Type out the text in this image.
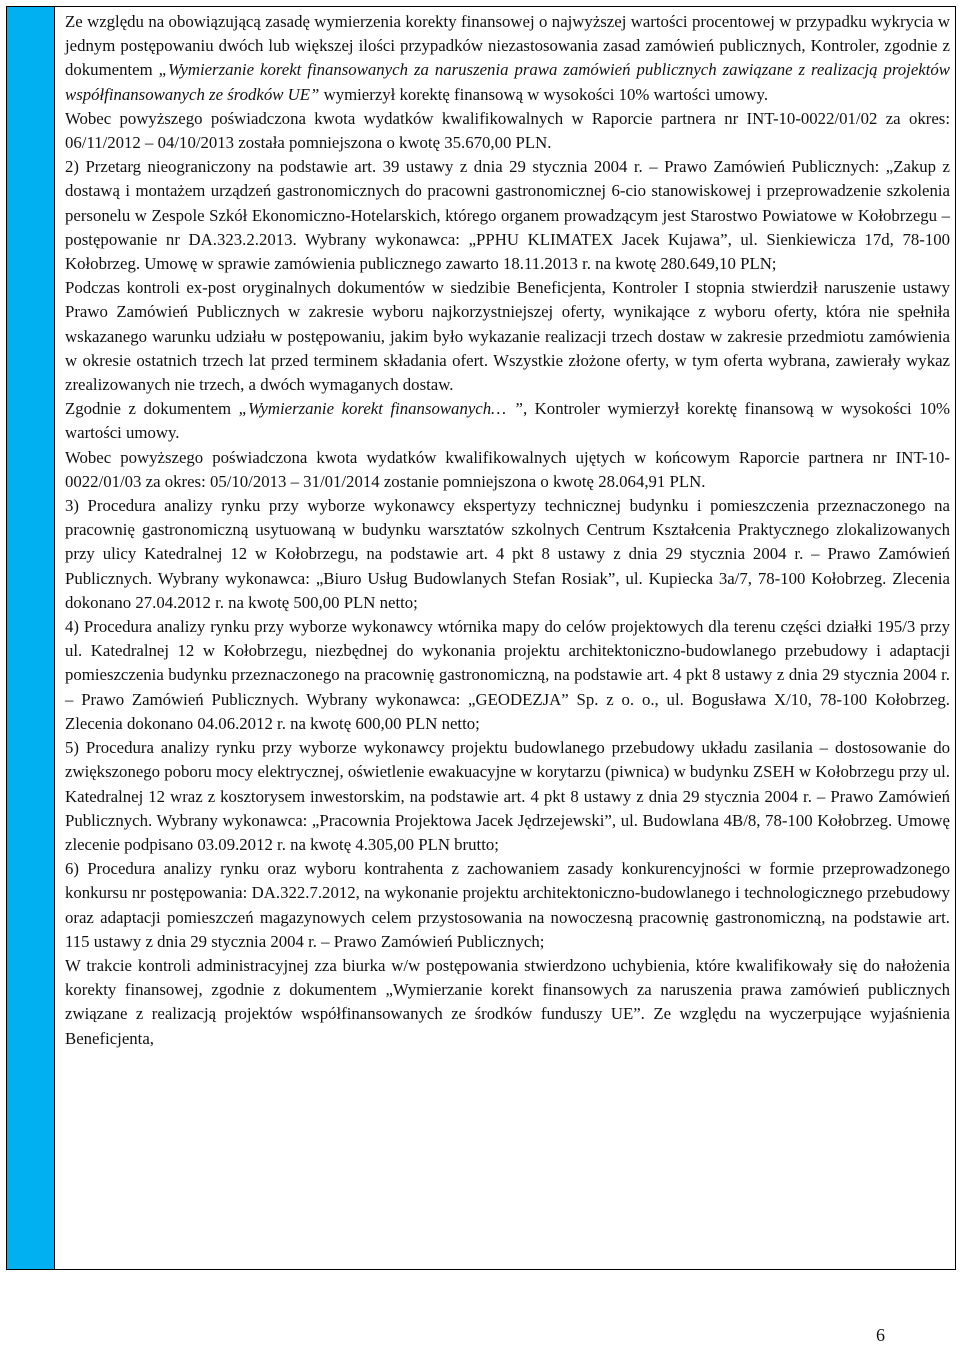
Ze względu na obowiązującą zasadę wymierzenia korekty finansowej o najwyższej wartości procentowej w przypadku wykrycia w jednym postępowaniu dwóch lub większej ilości przypadków niezastosowania zasad zamówień publicznych, Kontroler, zgodnie z dokumentem „Wymierzanie korekt finansowanych za naruszenia prawa zamówień publicznych zawiązane z realizacją projektów współfinansowanych ze środków UE” wymierzył korektę finansową w wysokości 10% wartości umowy.

Wobec powyższego poświadczona kwota wydatków kwalifikowalnych w Raporcie partnera nr INT-10-0022/01/02 za okres: 06/11/2012 – 04/10/2013 została pomniejszona o kwotę 35.670,00 PLN.

2) Przetarg nieograniczony na podstawie art. 39 ustawy z dnia 29 stycznia 2004 r. – Prawo Zamówień Publicznych: „Zakup z dostawą i montażem urządzeń gastronomicznych do pracowni gastronomicznej 6-cio stanowiskowej i przeprowadzenie szkolenia personelu w Zespole Szkół Ekonomiczno-Hotelarskich, którego organem prowadzącym jest Starostwo Powiatowe w Kołobrzegu – postępowanie nr DA.323.2.2013. Wybrany wykonawca: „PPHU KLIMATEX Jacek Kujawa”, ul. Sienkiewicza 17d, 78-100 Kołobrzeg. Umowę w sprawie zamówienia publicznego zawarto 18.11.2013 r. na kwotę 280.649,10 PLN;

Podczas kontroli ex-post oryginalnych dokumentów w siedzibie Beneficjenta, Kontroler I stopnia stwierdził naruszenie ustawy Prawo Zamówień Publicznych w zakresie wyboru najkorzystniejszej oferty, wynikające z wyboru oferty, która nie spełniła wskazanego warunku udziału w postępowaniu, jakim było wykazanie realizacji trzech dostaw w zakresie przedmiotu zamówienia w okresie ostatnich trzech lat przed terminem składania ofert. Wszystkie złożone oferty, w tym oferta wybrana, zawierały wykaz zrealizowanych nie trzech, a dwóch wymaganych dostaw.

Zgodnie z dokumentem „Wymierzanie korekt finansowanych… ”, Kontroler wymierzył korektę finansową w wysokości 10% wartości umowy.

Wobec powyższego poświadczona kwota wydatków kwalifikowalnych ujętych w końcowym Raporcie partnera nr INT-10-0022/01/03 za okres: 05/10/2013 – 31/01/2014 zostanie pomniejszona o kwotę 28.064,91 PLN.

3) Procedura analizy rynku przy wyborze wykonawcy ekspertyzy technicznej budynku i pomieszczenia przeznaczonego na pracownię gastronomiczną usytuowaną w budynku warsztatów szkolnych Centrum Kształcenia Praktycznego zlokalizowanych przy ulicy Katedralnej 12 w Kołobrzegu, na podstawie art. 4 pkt 8 ustawy z dnia 29 stycznia 2004 r. – Prawo Zamówień Publicznych. Wybrany wykonawca: „Biuro Usług Budowlanych Stefan Rosiak”, ul. Kupiecka 3a/7, 78-100 Kołobrzeg. Zlecenia dokonano 27.04.2012 r. na kwotę 500,00 PLN netto;

4) Procedura analizy rynku przy wyborze wykonawcy wtórnika mapy do celów projektowych dla terenu części działki 195/3 przy ul. Katedralnej 12 w Kołobrzegu, niezbędnej do wykonania projektu architektoniczno-budowlanego przebudowy i adaptacji pomieszczenia budynku przeznaczonego na pracownię gastronomiczną, na podstawie art. 4 pkt 8 ustawy z dnia 29 stycznia 2004 r. – Prawo Zamówień Publicznych. Wybrany wykonawca: „GEODEZJA” Sp. z o. o., ul. Bogusława X/10, 78-100 Kołobrzeg. Zlecenia dokonano 04.06.2012 r. na kwotę 600,00 PLN netto;

5) Procedura analizy rynku przy wyborze wykonawcy projektu budowlanego przebudowy układu zasilania – dostosowanie do zwiększonego poboru mocy elektrycznej, oświetlenie ewakuacyjne w korytarzu (piwnica) w budynku ZSEH w Kołobrzegu przy ul. Katedralnej 12 wraz z kosztorysem inwestorskim, na podstawie art. 4 pkt 8 ustawy z dnia 29 stycznia 2004 r. – Prawo Zamówień Publicznych. Wybrany wykonawca: „Pracownia Projektowa Jacek Jędrzejewski”, ul. Budowlana 4B/8, 78-100 Kołobrzeg. Umowę zlecenie podpisano 03.09.2012 r. na kwotę 4.305,00 PLN brutto;

6) Procedura analizy rynku oraz wyboru kontrahenta z zachowaniem zasady konkurencyjności w formie przeprowadzonego konkursu nr postępowania: DA.322.7.2012, na wykonanie projektu architektoniczno-budowlanego i technologicznego przebudowy oraz adaptacji pomieszczeń magazynowych celem przystosowania na nowoczesną pracownię gastronomiczną, na podstawie art. 115 ustawy z dnia 29 stycznia 2004 r. – Prawo Zamówień Publicznych;

W trakcie kontroli administracyjnej zza biurka w/w postępowania stwierdzono uchybienia, które kwalifikowały się do nałożenia korekty finansowej, zgodnie z dokumentem „Wymierzanie korekt finansowych za naruszenia prawa zamówień publicznych związane z realizacją projektów współfinansowanych ze środków funduszy UE”. Ze względu na wyczerpujące wyjaśnienia Beneficjenta,

6
